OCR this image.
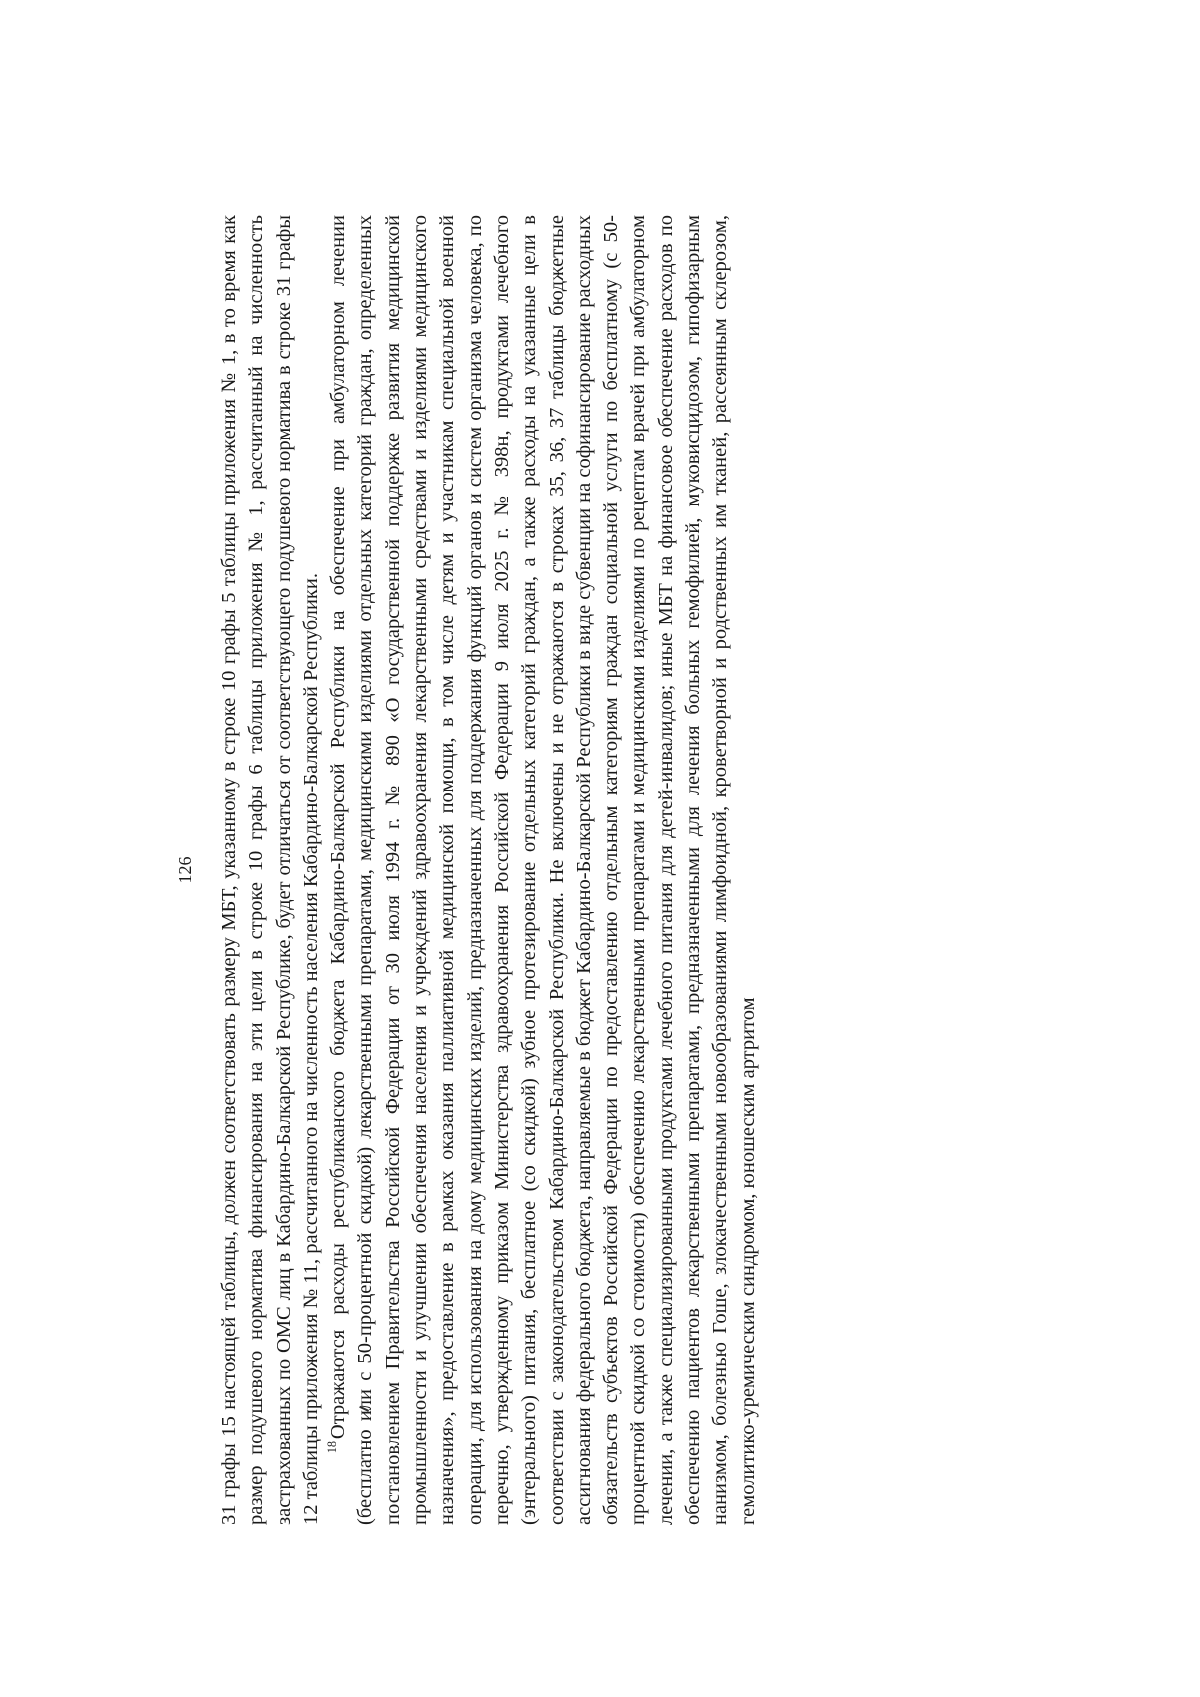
126 31 графы 15 настоящей таблицы, должен соответствовать размеру МБТ, указанному в строке 10 графы 5 таблицы приложения № 1, в то время как размер подушевого норматива финансирования на эти цели в строке 10 графы 6 таблицы приложения № 1, рассчитанный на численность застрахованных по ОМС лиц в Кабардино-Балкарской Республике, будет отличаться от соответствующего подушевого норматива в строке 31 графы 12 таблицы приложения № 11, рассчитанного на численность населения Кабардино-Балкарской Республики. $^{18}$Отражаются расходы республиканского бюджета Кабардино-Балкарской Республики на обеспечение при амбулаторном лечении (бесплатно или с 50-процентной скидкой) лекарственными препаратами, медицинскими изделиями отдельных категорий граждан, определенных постановлением Правительства Российской Федерации от 30 июля 1994 г. № 890 «О государственной поддержке развития медицинской промышленности и улучшении обеспечения населения и учреждений здравоохранения лекарственными средствами и изделиями медицинского назначения», предоставление в рамках оказания паллиативной медицинской помощи, в том числе детям и участникам специальной военной операции, для использования на дому медицинских изделий, предназначенных для поддержания функций органов и систем организма человека, по перечню, утвержденному приказом Министерства здравоохранения Российской Федерации 9 июля 2025 г. № 398н, продуктами лечебного (энтерального) питания, бесплатное (со скидкой) зубное протезирование отдельных категорий граждан, а также расходы на указанные цели в соответствии с законодательством Кабардино-Балкарской Республики. Не включены и не отражаются в строках 35, 36, 37 таблицы бюджетные ассигнования федерального бюджета, направляемые в бюджет Кабардино-Балкарской Республики в виде субвенции на софинансирование расходных обязательств субъектов Российской Федерации по предоставлению отдельным категориям граждан социальной услуги по бесплатному (с 50-процентной скидкой со стоимости) обеспечению лекарственными препаратами и медицинскими изделиями по рецептам врачей при амбулаторном лечении, а также специализированными продуктами лечебного питания для детей-инвалидов; иные МБТ на финансовое обеспечение расходов по обеспечению пациентов лекарственными препаратами, предназначенными для лечения больных гемофилией, муковисцидозом, гипофизарным нанизмом, болезнью Гоше, злокачественными новообразованиями лимфоидной, кроветворной и родственных им тканей, рассеянным склерозом, гемолитико-уремическим синдромом, юношеским артритом
